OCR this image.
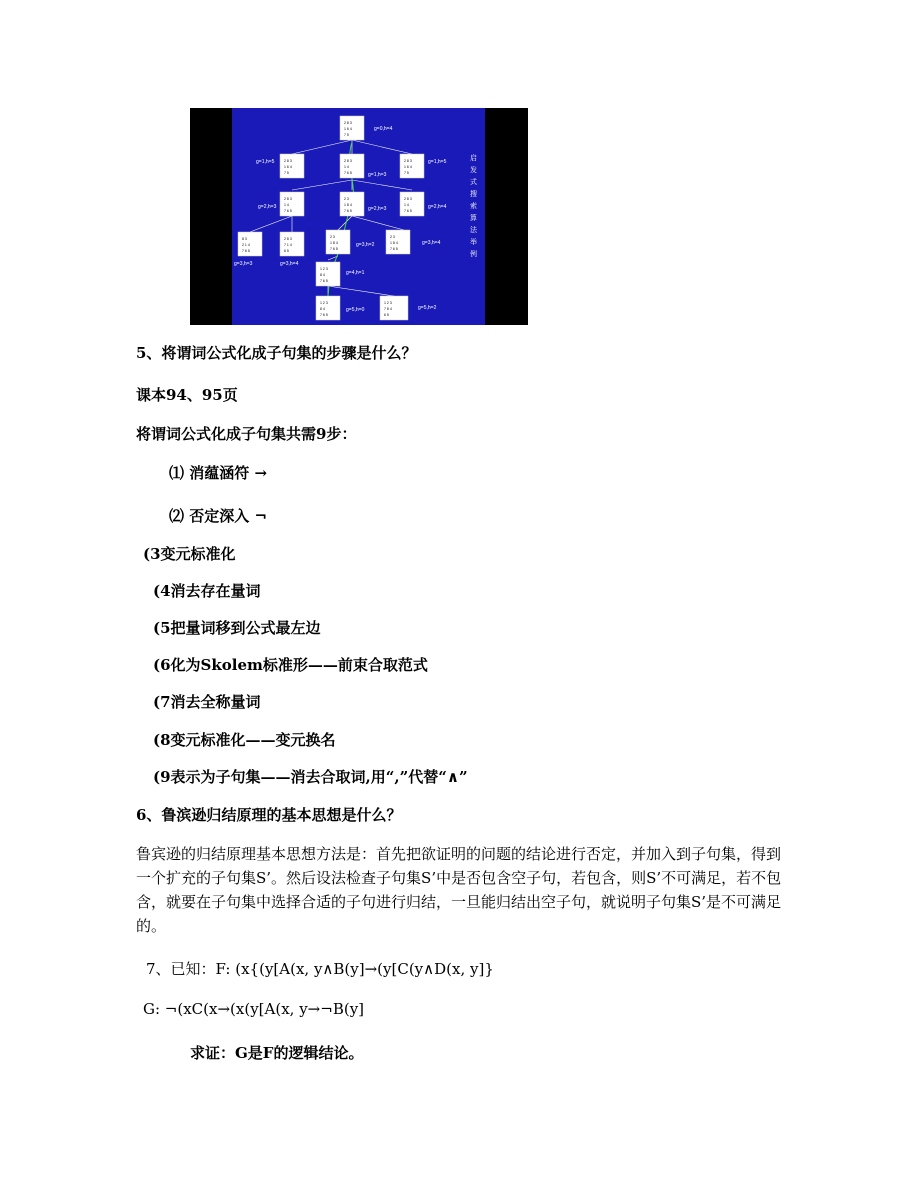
2 8 3
1 6 4
7 5
2 8 3
1 6 4
7 5
2 8 3
1 4
7 6 5
2 8 3
1 6 4
7 5
2 8 3
1 4
7 6 5
2 3
1 8 4
7 6 5
2 8 3
1 4
7 6 5
8 3
2 1 4
7 6 5
2 8 3
7 1 4
6 5
2 3
1 8 4
7 6 5
2 3
1 8 4
7 6 5
1 2 3
8 4
7 6 5
1 2 3
8 4
7 6 5
1 2 3
7 8 4
6 5
g=0,h=4
g=1,h=5
g=1,h=3
g=1,h=5
g=2,h=3	g=2,h=3	g=2,h=4
g=3,h=3	g=3,h=4
g=3,h=2	g=3,h=4
g=4,h=1
g=5,h=0	g=5,h=2
启
发
式
搜
索
算
法
举
例
5、将谓词公式化成子句集的步骤是什么？
课本94、95页
将谓词公式化成子句集共需9步：
⑴ 消蕴涵符 →
⑵ 否定深入 ¬
(3变元标准化
(4消去存在量词
(5把量词移到公式最左边
(6化为Skolem标准形——前束合取范式
(7消去全称量词
(8变元标准化——变元换名
(9表示为子句集——消去合取词,用“,”代替“∧”
6、鲁滨逊归结原理的基本思想是什么？
鲁宾逊的归结原理基本思想方法是：首先把欲证明的问题的结论进行否定，并加入到子句集，得到一个扩充的子句集S’。然后设法检查子句集S’中是否包含空子句，若包含，则S’不可满足，若不包含，就要在子句集中选择合适的子句进行归结，一旦能归结出空子句，就说明子句集S’是不可满足的。
7、已知：F: (x{(y[A(x, y∧B(y]→(y[C(y∧D(x, y]}
G: ¬(xC(x→(x(y[A(x, y→¬B(y]
求证：G是F的逻辑结论。
